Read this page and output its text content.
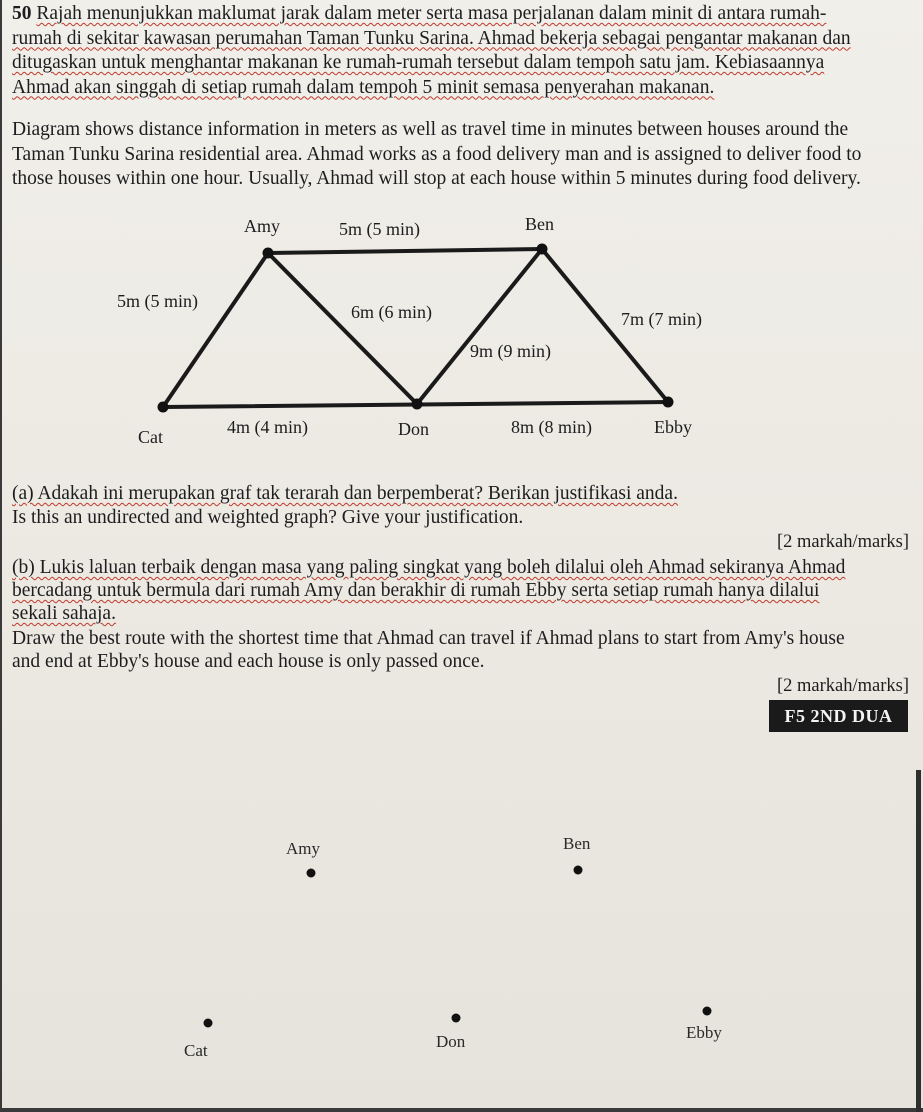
50 Rajah menunjukkan maklumat jarak dalam meter serta masa perjalanan dalam minit di antara rumah-
rumah di sekitar kawasan perumahan Taman Tunku Sarina. Ahmad bekerja sebagai pengantar makanan dan
ditugaskan untuk menghantar makanan ke rumah-rumah tersebut dalam tempoh satu jam. Kebiasaannya
Ahmad akan singgah di setiap rumah dalam tempoh 5 minit semasa penyerahan makanan.

Diagram shows distance information in meters as well as travel time in minutes between houses around the
Taman Tunku Sarina residential area. Ahmad works as a food delivery man and is assigned to deliver food to
those houses within one hour. Usually, Ahmad will stop at each house within 5 minutes during food delivery.

Amy	Ben
Cat	Don	Ebby
5m (5 min)
5m (5 min)
6m (6 min)	7m (7 min)
9m (9 min)
4m (4 min)	8m (8 min)

(a) Adakah ini merupakan graf tak terarah dan berpemberat? Berikan justifikasi anda.

Is this an undirected and weighted graph? Give your justification.

[2 markah/marks]

(b) Lukis laluan terbaik dengan masa yang paling singkat yang boleh dilalui oleh Ahmad sekiranya Ahmad
bercadang untuk bermula dari rumah Amy dan berakhir di rumah Ebby serta setiap rumah hanya dilalui
sekali sahaja.

Draw the best route with the shortest time that Ahmad can travel if Ahmad plans to start from Amy's house
and end at Ebby's house and each house is only passed once.

[2 markah/marks]
F5 2ND DUA
Amy	Ben
Cat	Don	Ebby
